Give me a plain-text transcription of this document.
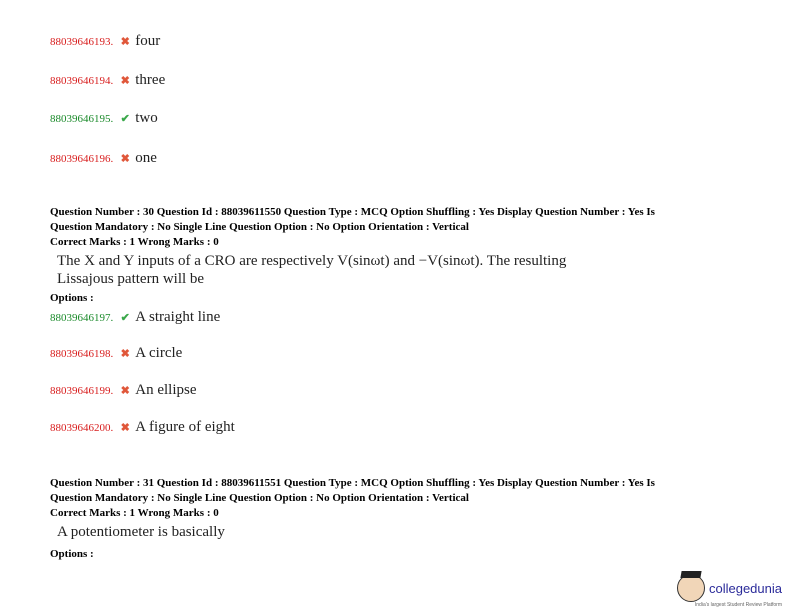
88039646193. ✖ four
88039646194. ✖ three
88039646195. ✔ two
88039646196. ✖ one
Question Number : 30 Question Id : 88039611550 Question Type : MCQ Option Shuffling : Yes Display Question Number : Yes Is
Question Mandatory : No Single Line Question Option : No Option Orientation : Vertical
Correct Marks : 1 Wrong Marks : 0
The X and Y inputs of a CRO are respectively V(sinωt) and −V(sinωt). The resulting
Lissajous pattern will be
Options :
88039646197. ✔ A straight line
88039646198. ✖ A circle
88039646199. ✖ An ellipse
88039646200. ✖ A figure of eight
Question Number : 31 Question Id : 88039611551 Question Type : MCQ Option Shuffling : Yes Display Question Number : Yes Is
Question Mandatory : No Single Line Question Option : No Option Orientation : Vertical
Correct Marks : 1 Wrong Marks : 0
A potentiometer is basically
Options :
collegedunia
India's largest Student Review Platform
